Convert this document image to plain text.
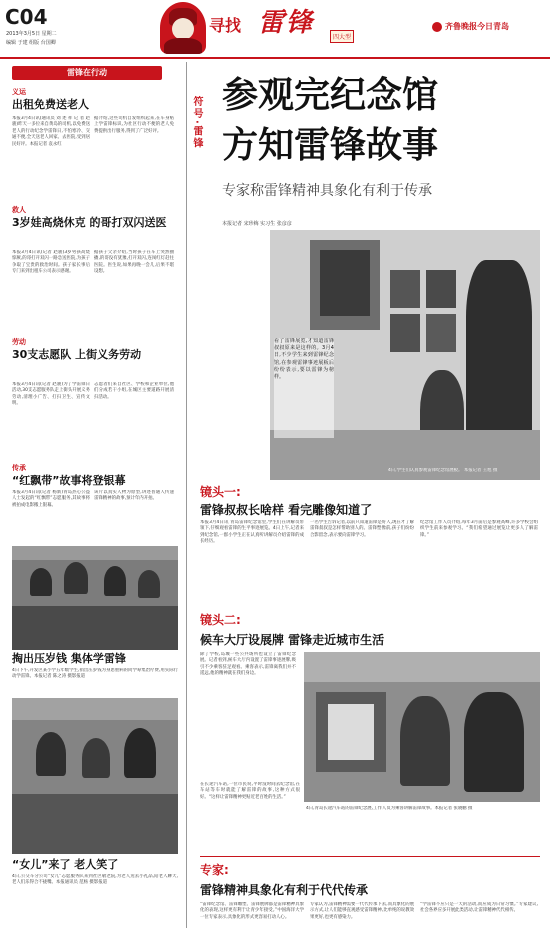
C04
2013年3月5日 星期二
编辑 于建 组版 台国卿
寻找 雷锋	四大型
齐鲁晚报今日青岛
雷锋在行动
义运
出租免费送老人
本报3月4日讯(通讯员 刘 述 祥 记 者 赵 骏)昨天一多位来自黄岛的司机,以免费送老人的行动纪念学雷锋日,不怕寒冷、交通不便,全天送老人回家、去医院,受到居民好评。本报记者 袁永红
据介绍,这些司机自发组织起来,在车身贴上学雷锋标识,为社区行动不便的老人免费提供出行服务,得到了广泛好评。
救人
3岁娃高烧休克 的哥打双闪送医
本报3月4日讯(记者 赵骏)3岁男孩高烧惊厥,的哥打开双闪一路急送医院,为孩子争取了宝贵的救治时间。孩子家长事后专门来到出租车公司表示感谢。
据孩子父亲介绍,当时孩子在车上突然抽搐,的哥没有犹豫,打开双闪,连闯红灯赶往医院。医生说,如果再晚一会儿,后果不堪设想。
劳动
30支志愿队 上街义务劳动
本报3月4日讯(记者 赵骏)为了学雷锋日活动,30支志愿服务队走上街头开展义务劳动,清理小广告、打扫卫生、宣传文明。
志愿者们来自社区、学校和企业单位,他们分成若干小组,在城区主要道路开展清扫活动。
传承
“红飘带”故事将登银幕
本报3月4日讯(记者 杨新)青岛热心公益人士发起的“红飘带”志愿服务,其故事将被拍成电影搬上银幕。
该片以真实人物为原型,讲述普通人传递雷锋精神的故事,预计年内开拍。
掏出压岁钱 集体学雷锋
4日下午,开发区某小学五年级学生,捐出压岁钱为身患重病的同学筹集治疗费,用实际行动学雷锋。本报记者 陈之涛 摄影报道
“女儿”来了 老人笑了
4日,公交车分公司“女儿”志愿服务队来到社区敬老院,为老人送去小礼品,陪老人聊天,老人们乐得合不拢嘴。本报通讯员 范杨 摄影报道
符号·雷锋
参观完纪念馆
方知雷锋故事
专家称雷锋精神具象化有利于传承
本报记者 宋珍梅 实习生 张彦彦
看了雷锋展览,才知道雷锋叔叔原来是这样的。3月4日,不少学生来到雷锋纪念馆,在参观雷锋事迹展板后纷纷表示,要以雷锋为榜样。
4日,学生们认真参观雷锋纪念馆展板。 本报记者 王旭 摄
镜头一:
雷锋叔叔长啥样 看完雕像知道了
本报3月4日讯 青岛雷锋纪念馆里,学生们在讲解员带领下,仔细观看雷锋的生平事迹展览。4日上午,记者来到纪念馆,一群小学生正在认真听讲解员介绍雷锋的成长经历。
一名学生告诉记者,以前只知道雷锋是好人,现在才了解雷锋叔叔是怎样帮助别人的。雷锋塑像前,孩子们纷纷合影留念,表示要向雷锋学习。
纪念馆工作人员介绍,每年3月前后是参观高峰,许多学校会组织学生前来参观学习。“我们希望通过展览让更多人了解雷锋。”
镜头二:
候车大厅设展牌 雷锋走近城市生活
除了学校,岛城一些公共场所也设立了雷锋纪念展。记者看到,候车大厅内设置了雷锋事迹展牌,吸引不少乘客驻足观看。乘客表示,雷锋离我们并不遥远,他的精神就在我们身边。
在长途汽车站,一位市民说,平时没时间去纪念馆,在车站等车时就能了解雷锋的故事,这种方式很好。“这样让雷锋精神更贴近老百姓的生活。”
4日,青岛长途汽车站的雷锋纪念展,工作人员为乘客讲解雷锋故事。本报记者 张晓鹏 摄
专家:
雷锋精神具象化有利于代代传承
“雷锋纪念馆、雷锋雕塑、雷锋展牌都是雷锋精神具象化的表现,这样更有利于让青少年接受。”中国海洋大学一位专家表示,具象化的形式更容易打动人心。
专家认为,雷锋精神需要一代代传承下去,而具象化的展示方式,让人们能够直观感受雷锋精神,比单纯的说教效果更好,也更有感染力。
“学雷锋不应只是一天的活动,而应成为日常习惯。”专家建议,社会各界应多开展此类活动,让雷锋精神代代相传。
